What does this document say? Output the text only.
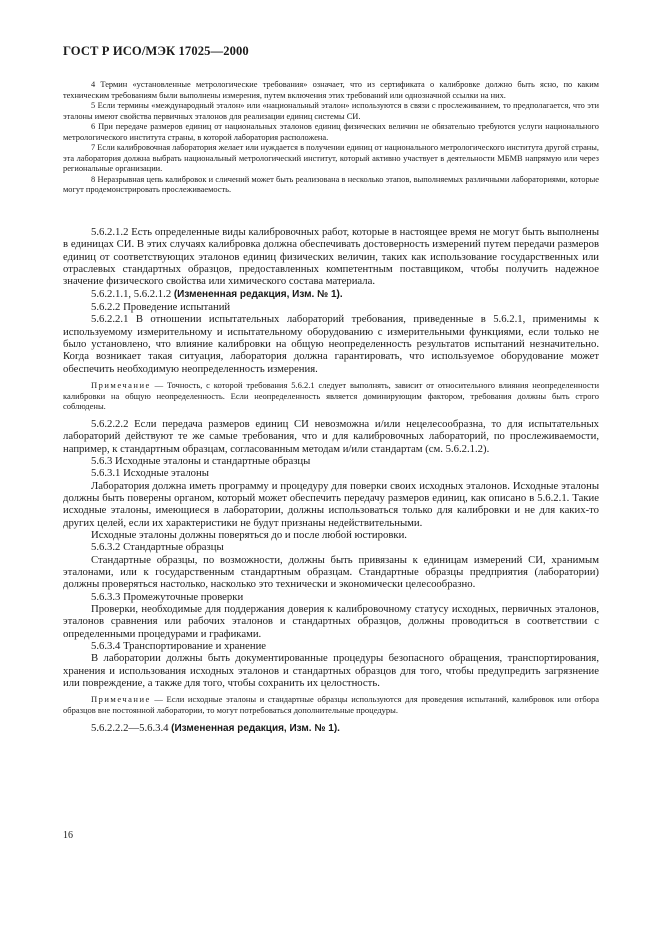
ГОСТ Р ИСО/МЭК 17025—2000

4 Термин «установленные метрологические требования» означает, что из сертификата о калибровке должно быть ясно, по каким техническим требованиям были выполнены измерения, путем включения этих требований или однозначной ссылки на них.

5 Если термины «международный эталон» или «национальный эталон» используются в связи с прослеживанием, то предполагается, что эти эталоны имеют свойства первичных эталонов для реализации единиц системы СИ.

6 При передаче размеров единиц от национальных эталонов единиц физических величин не обязательно требуются услуги национального метрологического института страны, в которой лаборатория расположена.

7 Если калибровочная лаборатория желает или нуждается в получении единиц от национального метрологического института другой страны, эта лаборатория должна выбрать национальный метрологический институт, который активно участвует в деятельности МБМВ напрямую или через региональные организации.

8 Неразрывная цепь калибровок и сличений может быть реализована в несколько этапов, выполняемых различными лабораториями, которые могут продемонстрировать прослеживаемость.

5.6.2.1.2 Есть определенные виды калибровочных работ, которые в настоящее время не могут быть выполнены в единицах СИ. В этих случаях калибровка должна обеспечивать достоверность измерений путем передачи размеров единиц от соответствующих эталонов единиц физических величин, таких как использование государственных или отраслевых стандартных образцов, предоставленных компетентным поставщиком, чтобы получить надежное значение физического свойства или химического состава материала.

5.6.2.1.1, 5.6.2.1.2 (Измененная редакция, Изм. № 1).

5.6.2.2 Проведение испытаний

5.6.2.2.1 В отношении испытательных лабораторий требования, приведенные в 5.6.2.1, применимы к используемому измерительному и испытательному оборудованию с измерительными функциями, если только не было установлено, что влияние калибровки на общую неопределенность результатов испытаний незначительно. Когда возникает такая ситуация, лаборатория должна гарантировать, что используемое оборудование может обеспечить необходимую неопределенность измерения.

Примечание — Точность, с которой требования 5.6.2.1 следует выполнять, зависит от относительного влияния неопределенности калибровки на общую неопределенность. Если неопределенность является доминирующим фактором, требования должны быть строго соблюдены.

5.6.2.2.2 Если передача размеров единиц СИ невозможна и/или нецелесообразна, то для испытательных лабораторий действуют те же самые требования, что и для калибровочных лабораторий, по прослеживаемости, например, к стандартным образцам, согласованным методам и/или стандартам (см. 5.6.2.1.2).

5.6.3 Исходные эталоны и стандартные образцы

5.6.3.1 Исходные эталоны

Лаборатория должна иметь программу и процедуру для поверки своих исходных эталонов. Исходные эталоны должны быть поверены органом, который может обеспечить передачу размеров единиц, как описано в 5.6.2.1. Такие исходные эталоны, имеющиеся в лаборатории, должны использоваться только для калибровки и не для каких-то других целей, если их характеристики не будут признаны недействительными.

Исходные эталоны должны поверяться до и после любой юстировки.

5.6.3.2 Стандартные образцы

Стандартные образцы, по возможности, должны быть привязаны к единицам измерений СИ, хранимым эталонами, или к государственным стандартным образцам. Стандартные образцы предприятия (лаборатории) должны проверяться настолько, насколько это технически и экономически целесообразно.

5.6.3.3 Промежуточные проверки

Проверки, необходимые для поддержания доверия к калибровочному статусу исходных, первичных эталонов, эталонов сравнения или рабочих эталонов и стандартных образцов, должны проводиться в соответствии с определенными процедурами и графиками.

5.6.3.4 Транспортирование и хранение

В лаборатории должны быть документированные процедуры безопасного обращения, транспортирования, хранения и использования исходных эталонов и стандартных образцов для того, чтобы предупредить загрязнение или повреждение, а также для того, чтобы сохранить их целостность.

Примечание — Если исходные эталоны и стандартные образцы используются для проведения испытаний, калибровок или отбора образцов вне постоянной лаборатории, то могут потребоваться дополнительные процедуры.

5.6.2.2.2—5.6.3.4 (Измененная редакция, Изм. № 1).

16
